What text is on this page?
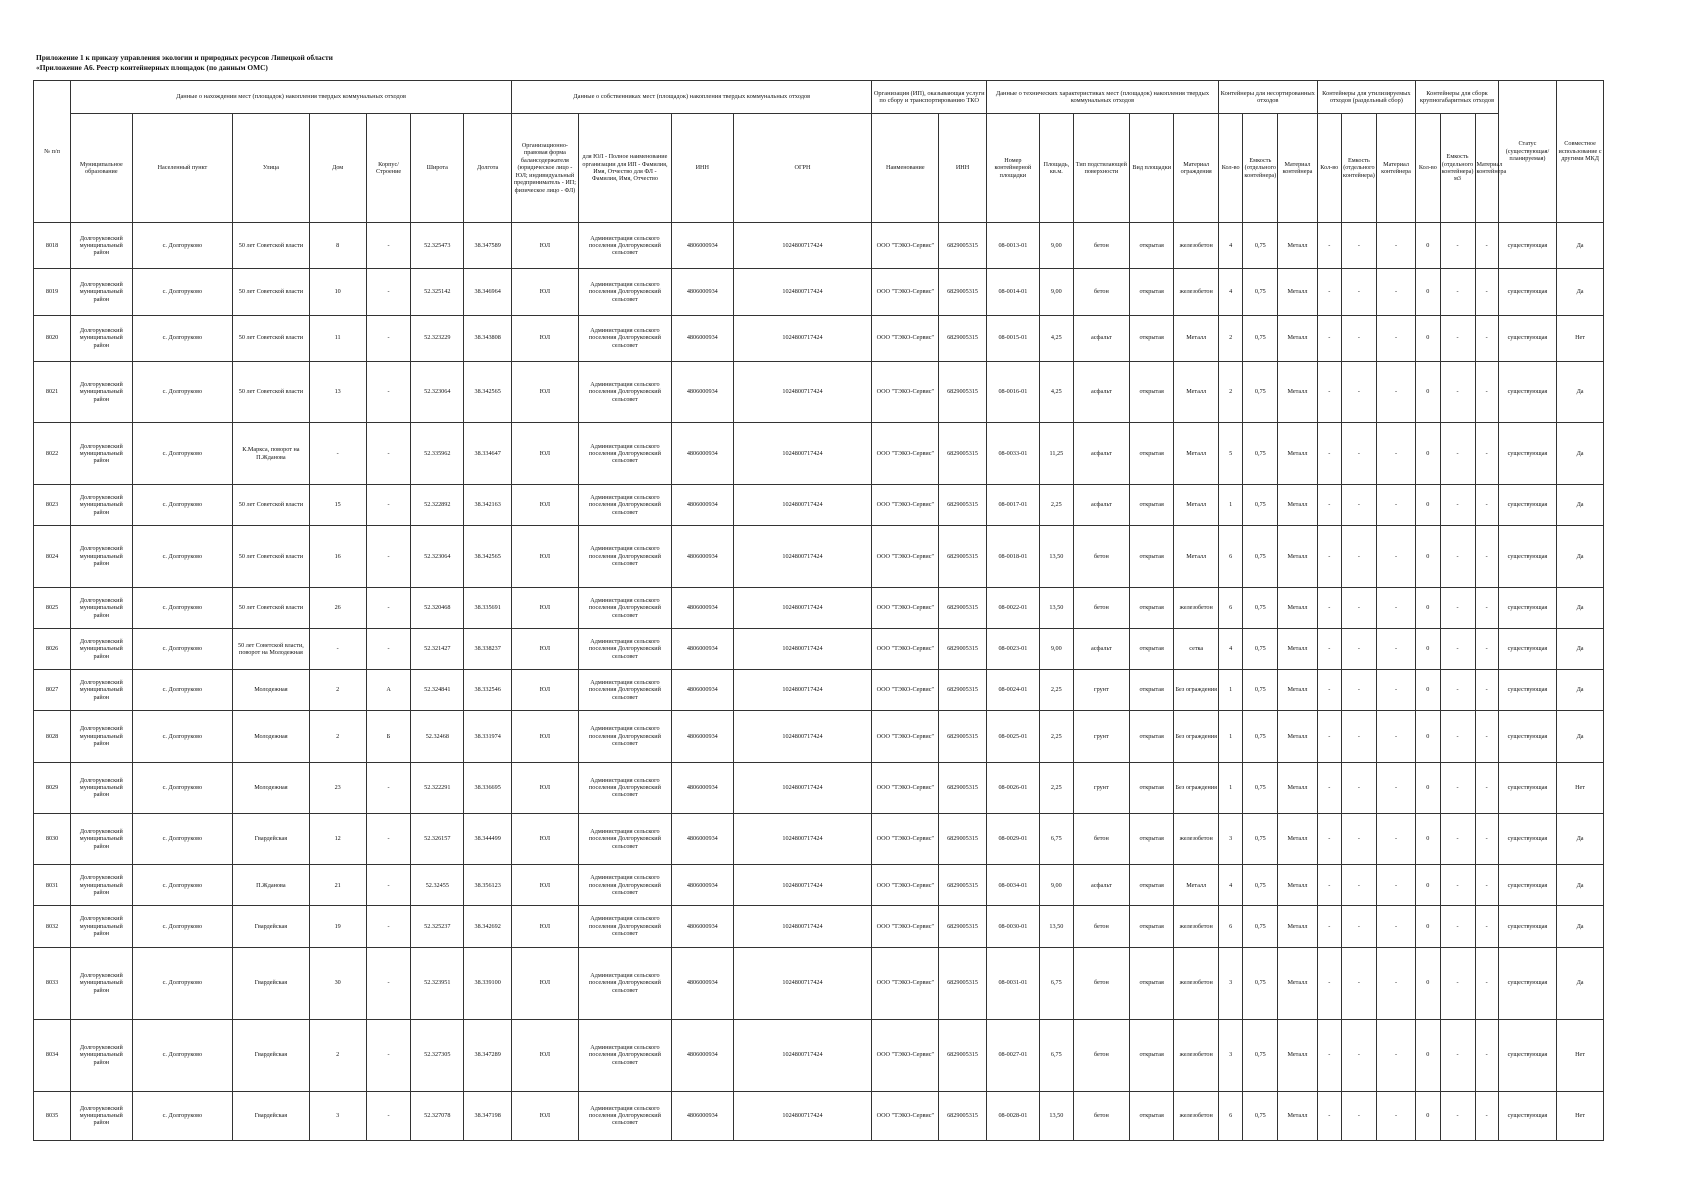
Приложение 1 к приказу управления экологии и природных ресурсов Липецкой области
«Приложение А6. Реестр контейнерных площадок (по данным ОМС)
№ п/п	Данные о нахождении мест (площадок) накопления твердых коммунальных отходов							Данные о собственниках мест (площадок) накопления твердых коммунальных отходов				Организация (ИП), оказывающая услуги по сбору и транспортированию ТКО		Данные о технических характеристиках мест (площадок) накопления твердых коммунальных отходов					Контейнеры для несортированных отходов			Контейнеры для утилизируемых отходов (раздельный сбор)			Контейнеры для сборк крупногабаритных отходов			Статус (существующая/ планируемая)	Совместное использование с другими МКД
	Муниципальное образование	Населенный пункт	Улица	Дом	Корпус/Строение	Широта	Долгота	Организационно-правовая форма балансодержателя (юридическое лицо - ЮЛ; индивидуальный предприниматель - ИП; физическое лицо - ФЛ)	для ЮЛ - Полное наименование организации для ИП - Фамилия, Имя, Отчество для ФЛ - Фамилия, Имя, Отчество	ИНН	ОГРН	Наименование	ИНН	Номер контейнерной площадки	Площадь, кв.м.	Тип подстилающей поверхности	Вид площадки	Материал ограждения	Кол-во	Емкость (отдельного контейнера)	Материал контейнера	Кол-во	Емкость (отдельного контейнера)	Материал контейнера	Кол-во	Емкость (отдельного контейнера) м3	Материал контейнера		
8018	Долгоруковский муниципальный район	с. Долгоруково	50 лет Советской власти	8	-	52.325473	38.347589	ЮЛ	Администрация сельского поселения Долгоруковский сельсовет	4806000934	1024800717424	ООО "ТЭКО-Сервис"	6829005315	08-0013-01	9,00	бетон	открытая	железобетон	4	0,75	Металл	-	-	-	0	-	-	существующая	Да
8019	Долгоруковский муниципальный район	с. Долгоруково	50 лет Советской власти	10	-	52.325142	38.346964	ЮЛ	Администрация сельского поселения Долгоруковский сельсовет	4806000934	1024800717424	ООО "ТЭКО-Сервис"	6829005315	08-0014-01	9,00	бетон	открытая	железобетон	4	0,75	Металл	-	-	-	0	-	-	существующая	Да
8020	Долгоруковский муниципальный район	с. Долгоруково	50 лет Советской власти	11	-	52.323229	38.343808	ЮЛ	Администрация сельского поселения Долгоруковский сельсовет	4806000934	1024800717424	ООО "ТЭКО-Сервис"	6829005315	08-0015-01	4,25	асфальт	открытая	Металл	2	0,75	Металл	-	-	-	0	-	-	существующая	Нет
8021	Долгоруковский муниципальный район	с. Долгоруково	50 лет Советской власти	13	-	52.323064	38.342565	ЮЛ	Администрация сельского поселения Долгоруковский сельсовет	4806000934	1024800717424	ООО "ТЭКО-Сервис"	6829005315	08-0016-01	4,25	асфальт	открытая	Металл	2	0,75	Металл	-	-	-	0	-	-	существующая	Да
8022	Долгоруковский муниципальный район	с. Долгоруково	К.Маркса, поворот на П.Жданова	-	-	52.335962	38.334647	ЮЛ	Администрация сельского поселения Долгоруковский сельсовет	4806000934	1024800717424	ООО "ТЭКО-Сервис"	6829005315	08-0033-01	11,25	асфальт	открытая	Металл	5	0,75	Металл	-	-	-	0	-	-	существующая	Да
8023	Долгоруковский муниципальный район	с. Долгоруково	50 лет Советской власти	15	-	52.322892	38.342163	ЮЛ	Администрация сельского поселения Долгоруковский сельсовет	4806000934	1024800717424	ООО "ТЭКО-Сервис"	6829005315	08-0017-01	2,25	асфальт	открытая	Металл	1	0,75	Металл	-	-	-	0	-	-	существующая	Да
8024	Долгоруковский муниципальный район	с. Долгоруково	50 лет Советской власти	16	-	52.323064	38.342565	ЮЛ	Администрация сельского поселения Долгоруковский сельсовет	4806000934	1024800717424	ООО "ТЭКО-Сервис"	6829005315	08-0018-01	13,50	бетон	открытая	Металл	6	0,75	Металл	-	-	-	0	-	-	существующая	Да
8025	Долгоруковский муниципальный район	с. Долгоруково	50 лет Советской власти	26	-	52.320468	38.335691	ЮЛ	Администрация сельского поселения Долгоруковский сельсовет	4806000934	1024800717424	ООО "ТЭКО-Сервис"	6829005315	08-0022-01	13,50	бетон	открытая	железобетон	6	0,75	Металл	-	-	-	0	-	-	существующая	Да
8026	Долгоруковский муниципальный район	с. Долгоруково	50 лет Советской власти, поворот на Молодежная	-	-	52.321427	38.338237	ЮЛ	Администрация сельского поселения Долгоруковский сельсовет	4806000934	1024800717424	ООО "ТЭКО-Сервис"	6829005315	08-0023-01	9,00	асфальт	открытая	сетка	4	0,75	Металл	-	-	-	0	-	-	существующая	Да
8027	Долгоруковский муниципальный район	с. Долгоруково	Молодежная	2	А	52.324841	38.332546	ЮЛ	Администрация сельского поселения Долгоруковский сельсовет	4806000934	1024800717424	ООО "ТЭКО-Сервис"	6829005315	08-0024-01	2,25	грунт	открытая	Без ограждения	1	0,75	Металл	-	-	-	0	-	-	существующая	Да
8028	Долгоруковский муниципальный район	с. Долгоруково	Молодежная	2	Б	52.32468	38.331974	ЮЛ	Администрация сельского поселения Долгоруковский сельсовет	4806000934	1024800717424	ООО "ТЭКО-Сервис"	6829005315	08-0025-01	2,25	грунт	открытая	Без ограждения	1	0,75	Металл	-	-	-	0	-	-	существующая	Да
8029	Долгоруковский муниципальный район	с. Долгоруково	Молодежная	23	-	52.322291	38.336695	ЮЛ	Администрация сельского поселения Долгоруковский сельсовет	4806000934	1024800717424	ООО "ТЭКО-Сервис"	6829005315	08-0026-01	2,25	грунт	открытая	Без ограждения	1	0,75	Металл	-	-	-	0	-	-	существующая	Нет
8030	Долгоруковский муниципальный район	с. Долгоруково	Гвардейская	12	-	52.326157	38.344499	ЮЛ	Администрация сельского поселения Долгоруковский сельсовет	4806000934	1024800717424	ООО "ТЭКО-Сервис"	6829005315	08-0029-01	6,75	бетон	открытая	железобетон	3	0,75	Металл	-	-	-	0	-	-	существующая	Да
8031	Долгоруковский муниципальный район	с. Долгоруково	П.Жданова	21	-	52.32455	38.356123	ЮЛ	Администрация сельского поселения Долгоруковский сельсовет	4806000934	1024800717424	ООО "ТЭКО-Сервис"	6829005315	08-0034-01	9,00	асфальт	открытая	Металл	4	0,75	Металл	-	-	-	0	-	-	существующая	Да
8032	Долгоруковский муниципальный район	с. Долгоруково	Гвардейская	19	-	52.325237	38.342692	ЮЛ	Администрация сельского поселения Долгоруковский сельсовет	4806000934	1024800717424	ООО "ТЭКО-Сервис"	6829005315	08-0030-01	13,50	бетон	открытая	железобетон	6	0,75	Металл	-	-	-	0	-	-	существующая	Да
8033	Долгоруковский муниципальный район	с. Долгоруково	Гвардейская	30	-	52.323951	38.339100	ЮЛ	Администрация сельского поселения Долгоруковский сельсовет	4806000934	1024800717424	ООО "ТЭКО-Сервис"	6829005315	08-0031-01	6,75	бетон	открытая	железобетон	3	0,75	Металл	-	-	-	0	-	-	существующая	Да
8034	Долгоруковский муниципальный район	с. Долгоруково	Гвардейская	2	-	52.327305	38.347289	ЮЛ	Администрация сельского поселения Долгоруковский сельсовет	4806000934	1024800717424	ООО "ТЭКО-Сервис"	6829005315	08-0027-01	6,75	бетон	открытая	железобетон	3	0,75	Металл	-	-	-	0	-	-	существующая	Нет
8035	Долгоруковский муниципальный район	с. Долгоруково	Гвардейская	3	-	52.327078	38.347198	ЮЛ	Администрация сельского поселения Долгоруковский сельсовет	4806000934	1024800717424	ООО "ТЭКО-Сервис"	6829005315	08-0028-01	13,50	бетон	открытая	железобетон	6	0,75	Металл	-	-	-	0	-	-	существующая	Нет
